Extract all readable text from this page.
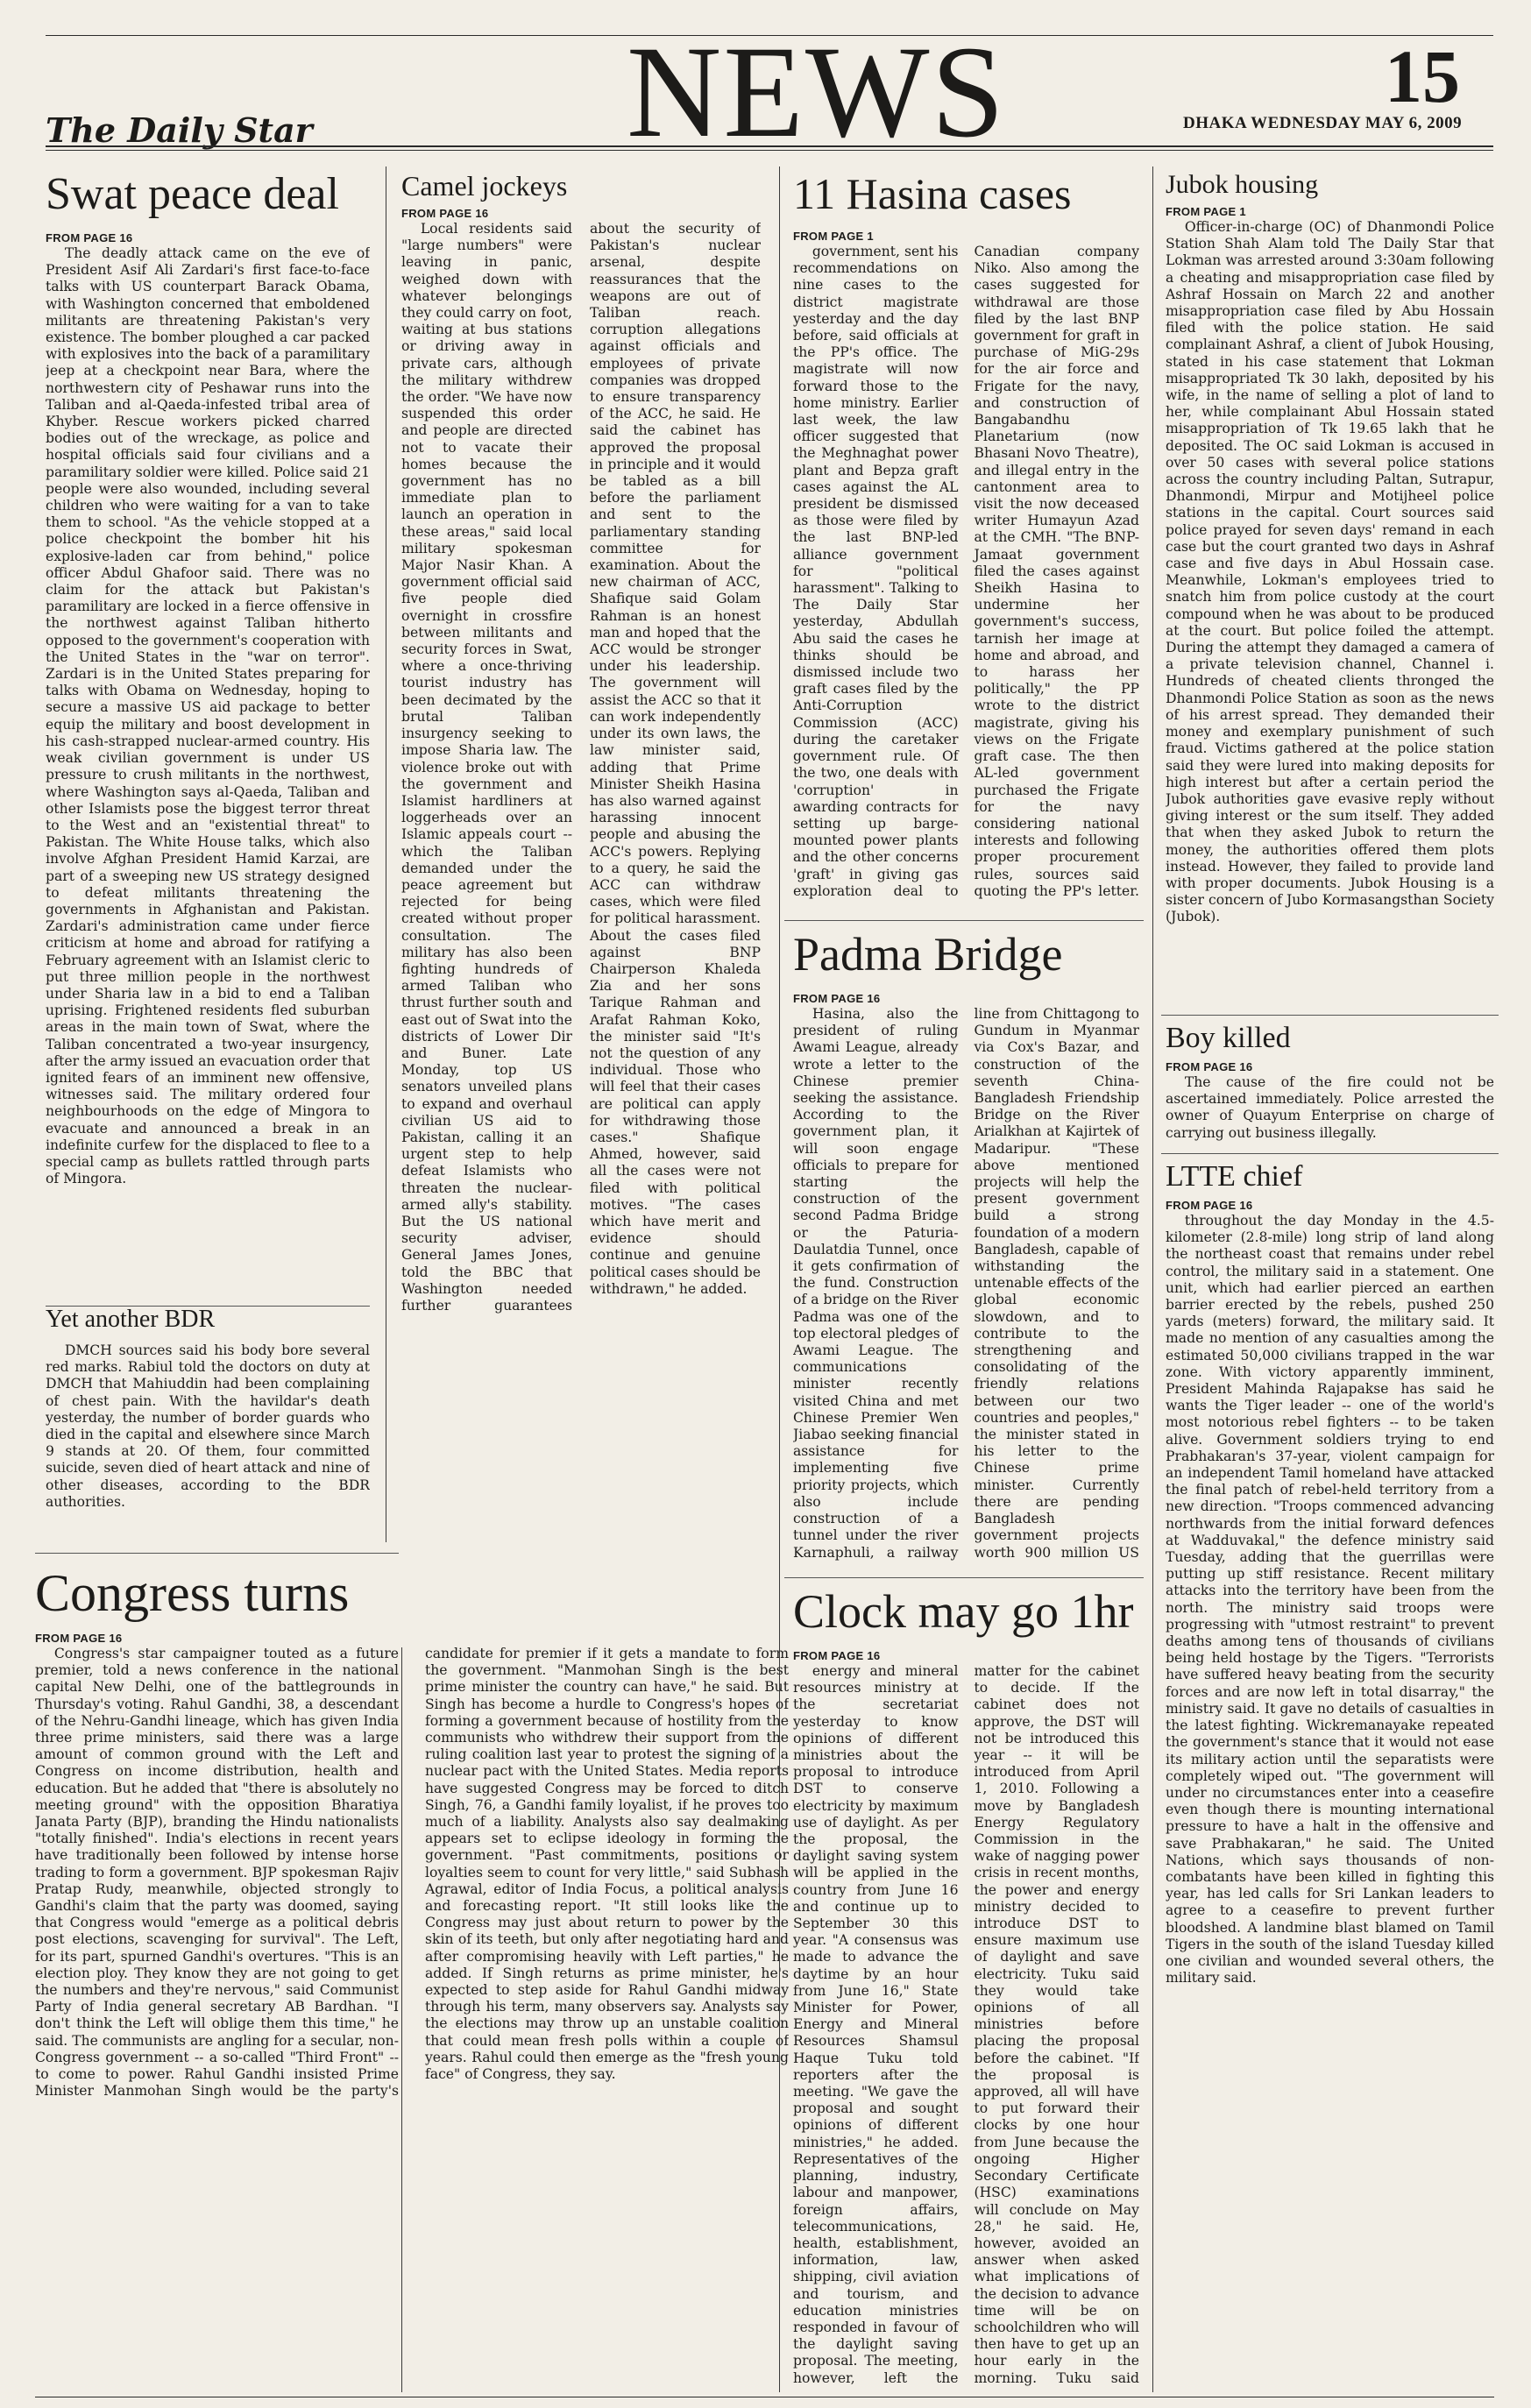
The Daily Star NEWS	15
DHAKA WEDNESDAY MAY 6, 2009
Swat peace deal
FROM PAGE 16

The deadly attack came on the eve of President Asif Ali Zardari's first face-to-face talks with US counterpart Barack Obama, with Washington concerned that emboldened militants are threatening Pakistan's very existence. The bomber ploughed a car packed with explosives into the back of a paramilitary jeep at a checkpoint near Bara, where the northwestern city of Peshawar runs into the Taliban and al-Qaeda-infested tribal area of Khyber. Rescue workers picked charred bodies out of the wreckage, as police and hospital officials said four civilians and a paramilitary soldier were killed. Police said 21 people were also wounded, including several children who were waiting for a van to take them to school. "As the vehicle stopped at a police checkpoint the bomber hit his explosive-laden car from behind," police officer Abdul Ghafoor said. There was no claim for the attack but Pakistan's paramilitary are locked in a fierce offensive in the northwest against Taliban hitherto opposed to the government's cooperation with the United States in the "war on terror". Zardari is in the United States preparing for talks with Obama on Wednesday, hoping to secure a massive US aid package to better equip the military and boost development in his cash-strapped nuclear-armed country. His weak civilian government is under US pressure to crush militants in the northwest, where Washington says al-Qaeda, Taliban and other Islamists pose the biggest terror threat to the West and an "existential threat" to Pakistan. The White House talks, which also involve Afghan President Hamid Karzai, are part of a sweeping new US strategy designed to defeat militants threatening the governments in Afghanistan and Pakistan. Zardari's administration came under fierce criticism at home and abroad for ratifying a February agreement with an Islamist cleric to put three million people in the northwest under Sharia law in a bid to end a Taliban uprising. Frightened residents fled suburban areas in the main town of Swat, where the Taliban concentrated a two-year insurgency, after the army issued an evacuation order that ignited fears of an imminent new offensive, witnesses said. The military ordered four neighbourhoods on the edge of Mingora to evacuate and announced a break in an indefinite curfew for the displaced to flee to a special camp as bullets rattled through parts of Mingora.

Yet another BDR

DMCH sources said his body bore several red marks. Rabiul told the doctors on duty at DMCH that Mahiuddin had been complaining of chest pain. With the havildar's death yesterday, the number of border guards who died in the capital and elsewhere since March 9 stands at 20. Of them, four committed suicide, seven died of heart attack and nine of other diseases, according to the BDR authorities.

Congress turns
FROM PAGE 16

Congress's star campaigner touted as a future premier, told a news conference in the national capital New Delhi, one of the battlegrounds in Thursday's voting. Rahul Gandhi, 38, a descendant of the Nehru-Gandhi lineage, which has given India three prime ministers, said there was a large amount of common ground with the Left and Congress on income distribution, health and education. But he added that "there is absolutely no meeting ground" with the opposition Bharatiya Janata Party (BJP), branding the Hindu nationalists "totally finished". India's elections in recent years have traditionally been followed by intense horse trading to form a government. BJP spokesman Rajiv Pratap Rudy, meanwhile, objected strongly to Gandhi's claim that the party was doomed, saying that Congress would "emerge as a political debris post elections, scavenging for survival". The Left, for its part, spurned Gandhi's overtures. "This is an election ploy. They know they are not going to get the numbers and they're nervous," said Communist Party of India general secretary AB Bardhan. "I don't think the Left will oblige them this time," he said. The communists are angling for a secular, non-Congress government -- a so-called "Third Front" -- to come to power. Rahul Gandhi insisted Prime Minister Manmohan Singh would be the party's candidate for premier if it gets a mandate to form the government. "Manmohan Singh is the best prime minister the country can have," he said. But Singh has become a hurdle to Congress's hopes of forming a government because of hostility from the communists who withdrew their support from the ruling coalition last year to protest the signing of a nuclear pact with the United States. Media reports have suggested Congress may be forced to ditch Singh, 76, a Gandhi family loyalist, if he proves too much of a liability. Analysts also say dealmaking appears set to eclipse ideology in forming the government. "Past commitments, positions or loyalties seem to count for very little," said Subhash Agrawal, editor of India Focus, a political analysis and forecasting report. "It still looks like the Congress may just about return to power by the skin of its teeth, but only after negotiating hard and after compromising heavily with Left parties," he added. If Singh returns as prime minister, he's expected to step aside for Rahul Gandhi midway through his term, many observers say. Analysts say the elections may throw up an unstable coalition that could mean fresh polls within a couple of years. Rahul could then emerge as the "fresh young face" of Congress, they say.

Camel jockeys
FROM PAGE 16

Local residents said "large numbers" were leaving in panic, weighed down with whatever belongings they could carry on foot, waiting at bus stations or driving away in private cars, although the military withdrew the order. "We have now suspended this order and people are directed not to vacate their homes because the government has no immediate plan to launch an operation in these areas," said local military spokesman Major Nasir Khan. A government official said five people died overnight in crossfire between militants and security forces in Swat, where a once-thriving tourist industry has been decimated by the brutal Taliban insurgency seeking to impose Sharia law. The violence broke out with the government and Islamist hardliners at loggerheads over an Islamic appeals court -- which the Taliban demanded under the peace agreement but rejected for being created without proper consultation. The military has also been fighting hundreds of armed Taliban who thrust further south and east out of Swat into the districts of Lower Dir and Buner. Late Monday, top US senators unveiled plans to expand and overhaul civilian US aid to Pakistan, calling it an urgent step to help defeat Islamists who threaten the nuclear-armed ally's stability. But the US national security adviser, General James Jones, told the BBC that Washington needed further guarantees about the security of Pakistan's nuclear arsenal, despite reassurances that the weapons are out of Taliban reach. corruption allegations against officials and employees of private companies was dropped to ensure transparency of the ACC, he said. He said the cabinet has approved the proposal in principle and it would be tabled as a bill before the parliament and sent to the parliamentary standing committee for examination. About the new chairman of ACC, Shafique said Golam Rahman is an honest man and hoped that the ACC would be stronger under his leadership. The government will assist the ACC so that it can work independently under its own laws, the law minister said, adding that Prime Minister Sheikh Hasina has also warned against harassing innocent people and abusing the ACC's powers. Replying to a query, he said the ACC can withdraw cases, which were filed for political harassment. About the cases filed against BNP Chairperson Khaleda Zia and her sons Tarique Rahman and Arafat Rahman Koko, the minister said "It's not the question of any individual. Those who will feel that their cases are political can apply for withdrawing those cases." Shafique Ahmed, however, said all the cases were not filed with political motives. "The cases which have merit and evidence should continue and genuine political cases should be withdrawn," he added.

11 Hasina cases
FROM PAGE 1

government, sent his recommendations on nine cases to the district magistrate yesterday and the day before, said officials at the PP's office. The magistrate will now forward those to the home ministry. Earlier last week, the law officer suggested that the Meghnaghat power plant and Bepza graft cases against the AL president be dismissed as those were filed by the last BNP-led alliance government for "political harassment". Talking to The Daily Star yesterday, Abdullah Abu said the cases he thinks should be dismissed include two graft cases filed by the Anti-Corruption Commission (ACC) during the caretaker government rule. Of the two, one deals with 'corruption' in awarding contracts for setting up barge-mounted power plants and the other concerns 'graft' in giving gas exploration deal to Canadian company Niko. Also among the cases suggested for withdrawal are those filed by the last BNP government for graft in purchase of MiG-29s for the air force and Frigate for the navy, and construction of Bangabandhu Planetarium (now Bhasani Novo Theatre), and illegal entry in the cantonment area to visit the now deceased writer Humayun Azad at the CMH. "The BNP-Jamaat government filed the cases against Sheikh Hasina to undermine her government's success, tarnish her image at home and abroad, and to harass her politically," the PP wrote to the district magistrate, giving his views on the Frigate graft case. The then AL-led government purchased the Frigate for the navy considering national interests and following proper procurement rules, sources said quoting the PP's letter.

Padma Bridge
FROM PAGE 16

Hasina, also the president of ruling Awami League, already wrote a letter to the Chinese premier seeking the assistance. According to the government plan, it will soon engage officials to prepare for starting the construction of the second Padma Bridge or the Paturia-Daulatdia Tunnel, once it gets confirmation of the fund. Construction of a bridge on the River Padma was one of the top electoral pledges of Awami League. The communications minister recently visited China and met Chinese Premier Wen Jiabao seeking financial assistance for implementing five priority projects, which also include construction of a tunnel under the river Karnaphuli, a railway line from Chittagong to Gundum in Myanmar via Cox's Bazar, and construction of the seventh China-Bangladesh Friendship Bridge on the River Arialkhan at Kajirtek of Madaripur. "These above mentioned projects will help the present government build a strong foundation of a modern Bangladesh, capable of withstanding the untenable effects of the global economic slowdown, and to contribute to the strengthening and consolidating of the friendly relations between our two countries and peoples," the minister stated in his letter to the Chinese prime minister. Currently there are pending Bangladesh government projects worth 900 million US

Clock may go 1hr
FROM PAGE 16

energy and mineral resources ministry at the secretariat yesterday to know opinions of different ministries about the proposal to introduce DST to conserve electricity by maximum use of daylight. As per the proposal, the daylight saving system will be applied in the country from June 16 and continue up to September 30 this year. "A consensus was made to advance the daytime by an hour from June 16," State Minister for Power, Energy and Mineral Resources Shamsul Haque Tuku told reporters after the meeting. "We gave the proposal and sought opinions of different ministries," he added. Representatives of the planning, industry, labour and manpower, foreign affairs, telecommunications, health, establishment, information, law, shipping, civil aviation and tourism, and education ministries responded in favour of the daylight saving proposal. The meeting, however, left the matter for the cabinet to decide. If the cabinet does not approve, the DST will not be introduced this year -- it will be introduced from April 1, 2010. Following a move by Bangladesh Energy Regulatory Commission in the wake of nagging power crisis in recent months, the power and energy ministry decided to introduce DST to ensure maximum use of daylight and save electricity. Tuku said they would take opinions of all ministries before placing the proposal before the cabinet. "If the proposal is approved, all will have to put forward their clocks by one hour from June because the ongoing Higher Secondary Certificate (HSC) examinations will conclude on May 28," he said. He, however, avoided an answer when asked what implications of the decision to advance time will be on schoolchildren who will then have to get up an hour early in the morning. Tuku said

Jubok housing
FROM PAGE 1

Officer-in-charge (OC) of Dhanmondi Police Station Shah Alam told The Daily Star that Lokman was arrested around 3:30am following a cheating and misappropriation case filed by Ashraf Hossain on March 22 and another misappropriation case filed by Abu Hossain filed with the police station. He said complainant Ashraf, a client of Jubok Housing, stated in his case statement that Lokman misappropriated Tk 30 lakh, deposited by his wife, in the name of selling a plot of land to her, while complainant Abul Hossain stated misappropriation of Tk 19.65 lakh that he deposited. The OC said Lokman is accused in over 50 cases with several police stations across the country including Paltan, Sutrapur, Dhanmondi, Mirpur and Motijheel police stations in the capital. Court sources said police prayed for seven days' remand in each case but the court granted two days in Ashraf case and five days in Abul Hossain case. Meanwhile, Lokman's employees tried to snatch him from police custody at the court compound when he was about to be produced at the court. But police foiled the attempt. During the attempt they damaged a camera of a private television channel, Channel i. Hundreds of cheated clients thronged the Dhanmondi Police Station as soon as the news of his arrest spread. They demanded their money and exemplary punishment of such fraud. Victims gathered at the police station said they were lured into making deposits for high interest but after a certain period the Jubok authorities gave evasive reply without giving interest or the sum itself. They added that when they asked Jubok to return the money, the authorities offered them plots instead. However, they failed to provide land with proper documents. Jubok Housing is a sister concern of Jubo Kormasangsthan Society (Jubok).

Boy killed
FROM PAGE 16

The cause of the fire could not be ascertained immediately. Police arrested the owner of Quayum Enterprise on charge of carrying out business illegally.

LTTE chief
FROM PAGE 16

throughout the day Monday in the 4.5-kilometer (2.8-mile) long strip of land along the northeast coast that remains under rebel control, the military said in a statement. One unit, which had earlier pierced an earthen barrier erected by the rebels, pushed 250 yards (meters) forward, the military said. It made no mention of any casualties among the estimated 50,000 civilians trapped in the war zone. With victory apparently imminent, President Mahinda Rajapakse has said he wants the Tiger leader -- one of the world's most notorious rebel fighters -- to be taken alive. Government soldiers trying to end Prabhakaran's 37-year, violent campaign for an independent Tamil homeland have attacked the final patch of rebel-held territory from a new direction. "Troops commenced advancing northwards from the initial forward defences at Wadduvakal," the defence ministry said Tuesday, adding that the guerrillas were putting up stiff resistance. Recent military attacks into the territory have been from the north. The ministry said troops were progressing with "utmost restraint" to prevent deaths among tens of thousands of civilians being held hostage by the Tigers. "Terrorists have suffered heavy beating from the security forces and are now left in total disarray," the ministry said. It gave no details of casualties in the latest fighting. Wickremanayake repeated the government's stance that it would not ease its military action until the separatists were completely wiped out. "The government will under no circumstances enter into a ceasefire even though there is mounting international pressure to have a halt in the offensive and save Prabhakaran," he said. The United Nations, which says thousands of non-combatants have been killed in fighting this year, has led calls for Sri Lankan leaders to agree to a ceasefire to prevent further bloodshed. A landmine blast blamed on Tamil Tigers in the south of the island Tuesday killed one civilian and wounded several others, the military said.
